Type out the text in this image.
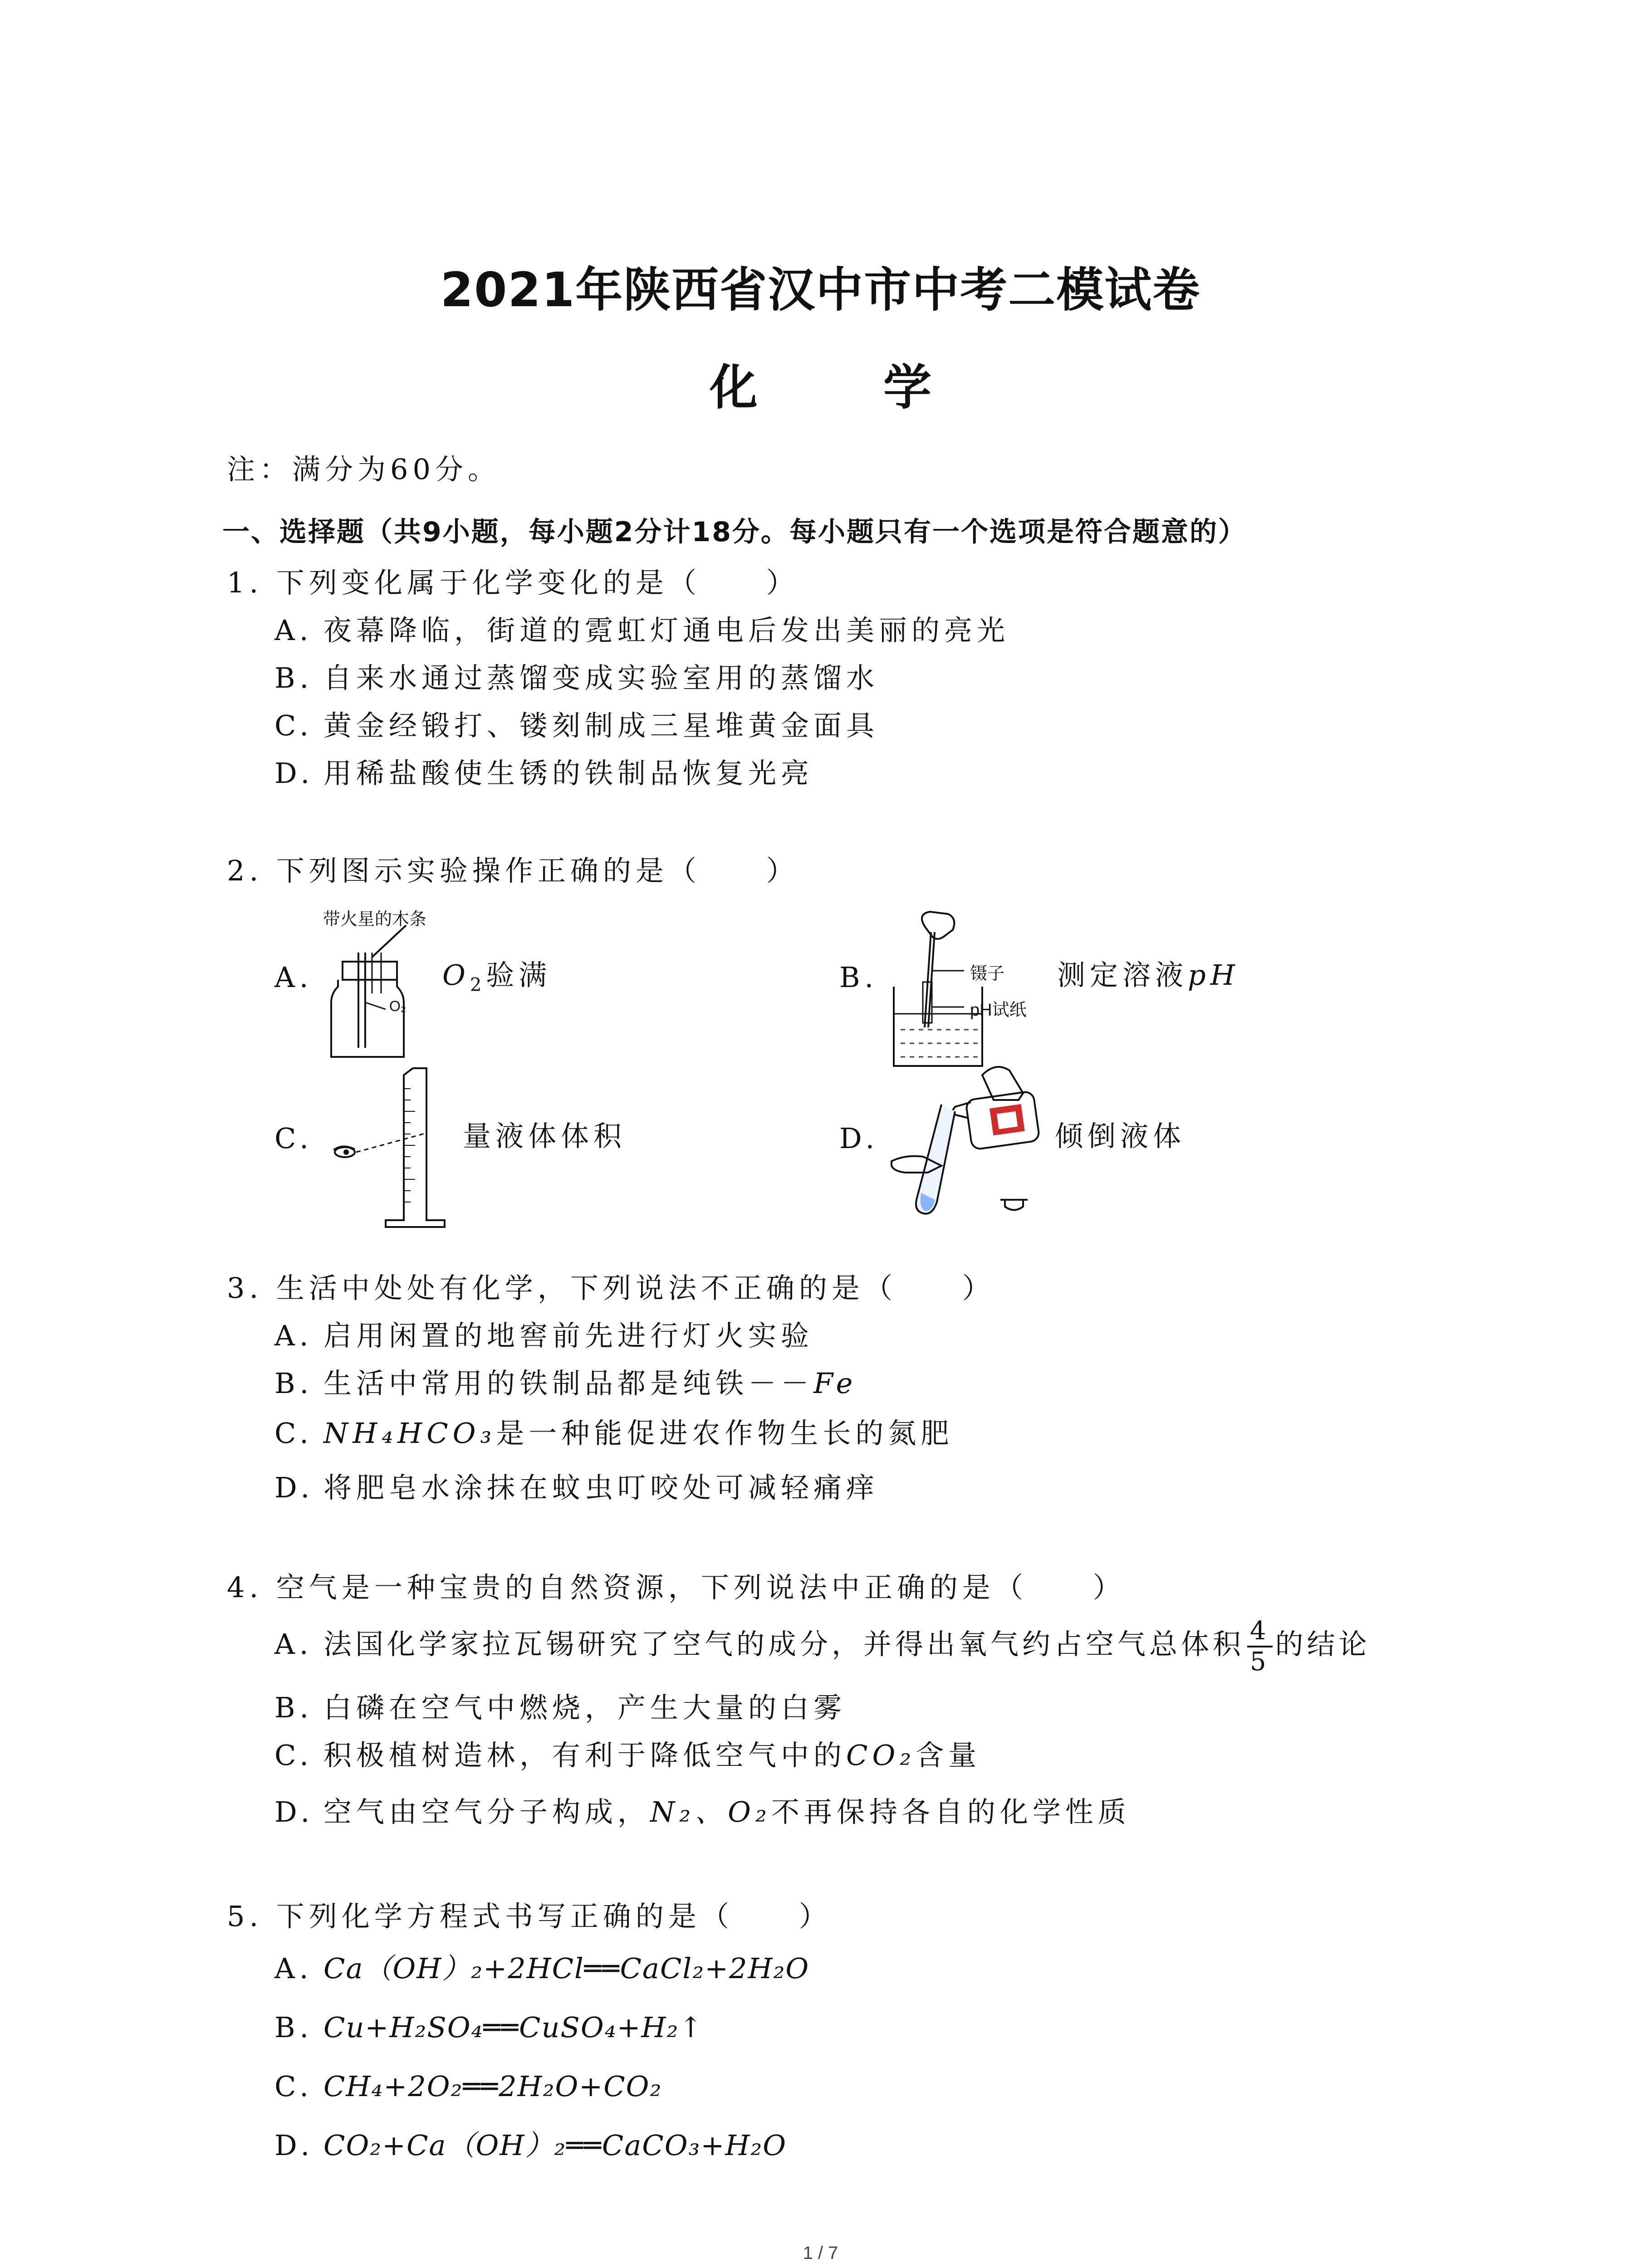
2021年陕西省汉中市中考二模试卷
化 学
注：满分为60分。
一、选择题（共9小题，每小题2分计18分。每小题只有一个选项是符合题意的）
1. 下列变化属于化学变化的是（　　）
A. 夜幕降临，街道的霓虹灯通电后发出美丽的亮光
B. 自来水通过蒸馏变成实验室用的蒸馏水
C. 黄金经锻打、镂刻制成三星堆黄金面具
D. 用稀盐酸使生锈的铁制品恢复光亮
2. 下列图示实验操作正确的是（　　）
A.
带火星的木条
O₂
$O_2$验满	B.	镊子
pH试纸
测定溶液pH
C.	量液体体积	D.	倾倒液体
3. 生活中处处有化学，下列说法不正确的是（　　）
A. 启用闲置的地窖前先进行灯火实验
B. 生活中常用的铁制品都是纯铁－－Fe
C. NH₄HCO₃是一种能促进农作物生长的氮肥
D. 将肥皂水涂抹在蚊虫叮咬处可减轻痛痒
4. 空气是一种宝贵的自然资源，下列说法中正确的是（　　）
A. 法国化学家拉瓦锡研究了空气的成分，并得出氧气约占空气总体积 $\frac{4}{5}$ 的结论
B. 白磷在空气中燃烧，产生大量的白雾
C. 积极植树造林，有利于降低空气中的CO₂含量
D. 空气由空气分子构成，N₂、O₂不再保持各自的化学性质
5. 下列化学方程式书写正确的是（　　）
A. Ca（OH）₂+2HCl══CaCl₂+2H₂O
B. Cu+H₂SO₄══CuSO₄+H₂↑
C. CH₄+2O₂══2H₂O+CO₂
D. CO₂+Ca（OH）₂══CaCO₃+H₂O
1 / 7
